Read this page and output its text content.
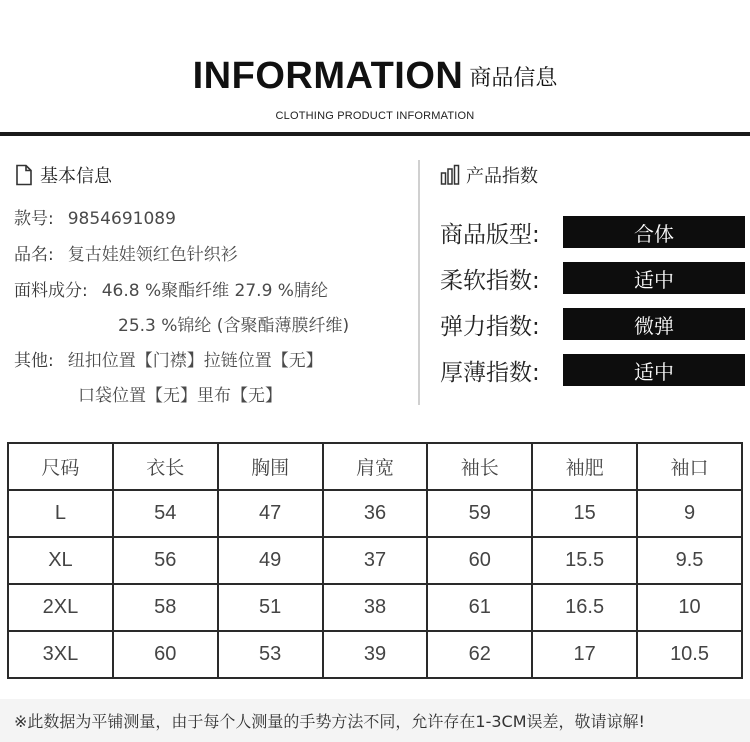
INFORMATION 商品信息
CLOTHING PRODUCT INFORMATION
基本信息
款号: 9854691089
品名: 复古娃娃领红色针织衫
面料成分: 46.8 %聚酯纤维 27.9 %腈纶
25.3 %锦纶 (含聚酯薄膜纤维)
其他: 纽扣位置【门襟】拉链位置【无】
口袋位置【无】里布【无】
产品指数
商品版型:	合体
柔软指数:	适中
弹力指数:	微弹
厚薄指数:	适中
尺码	衣长	胸围	肩宽	袖长	袖肥	袖口
L	54	47	36	59	15	9
XL	56	49	37	60	15.5	9.5
2XL	58	51	38	61	16.5	10
3XL	60	53	39	62	17	10.5
※此数据为平铺测量，由于每个人测量的手势方法不同，允许存在1-3CM误差，敬请谅解!
